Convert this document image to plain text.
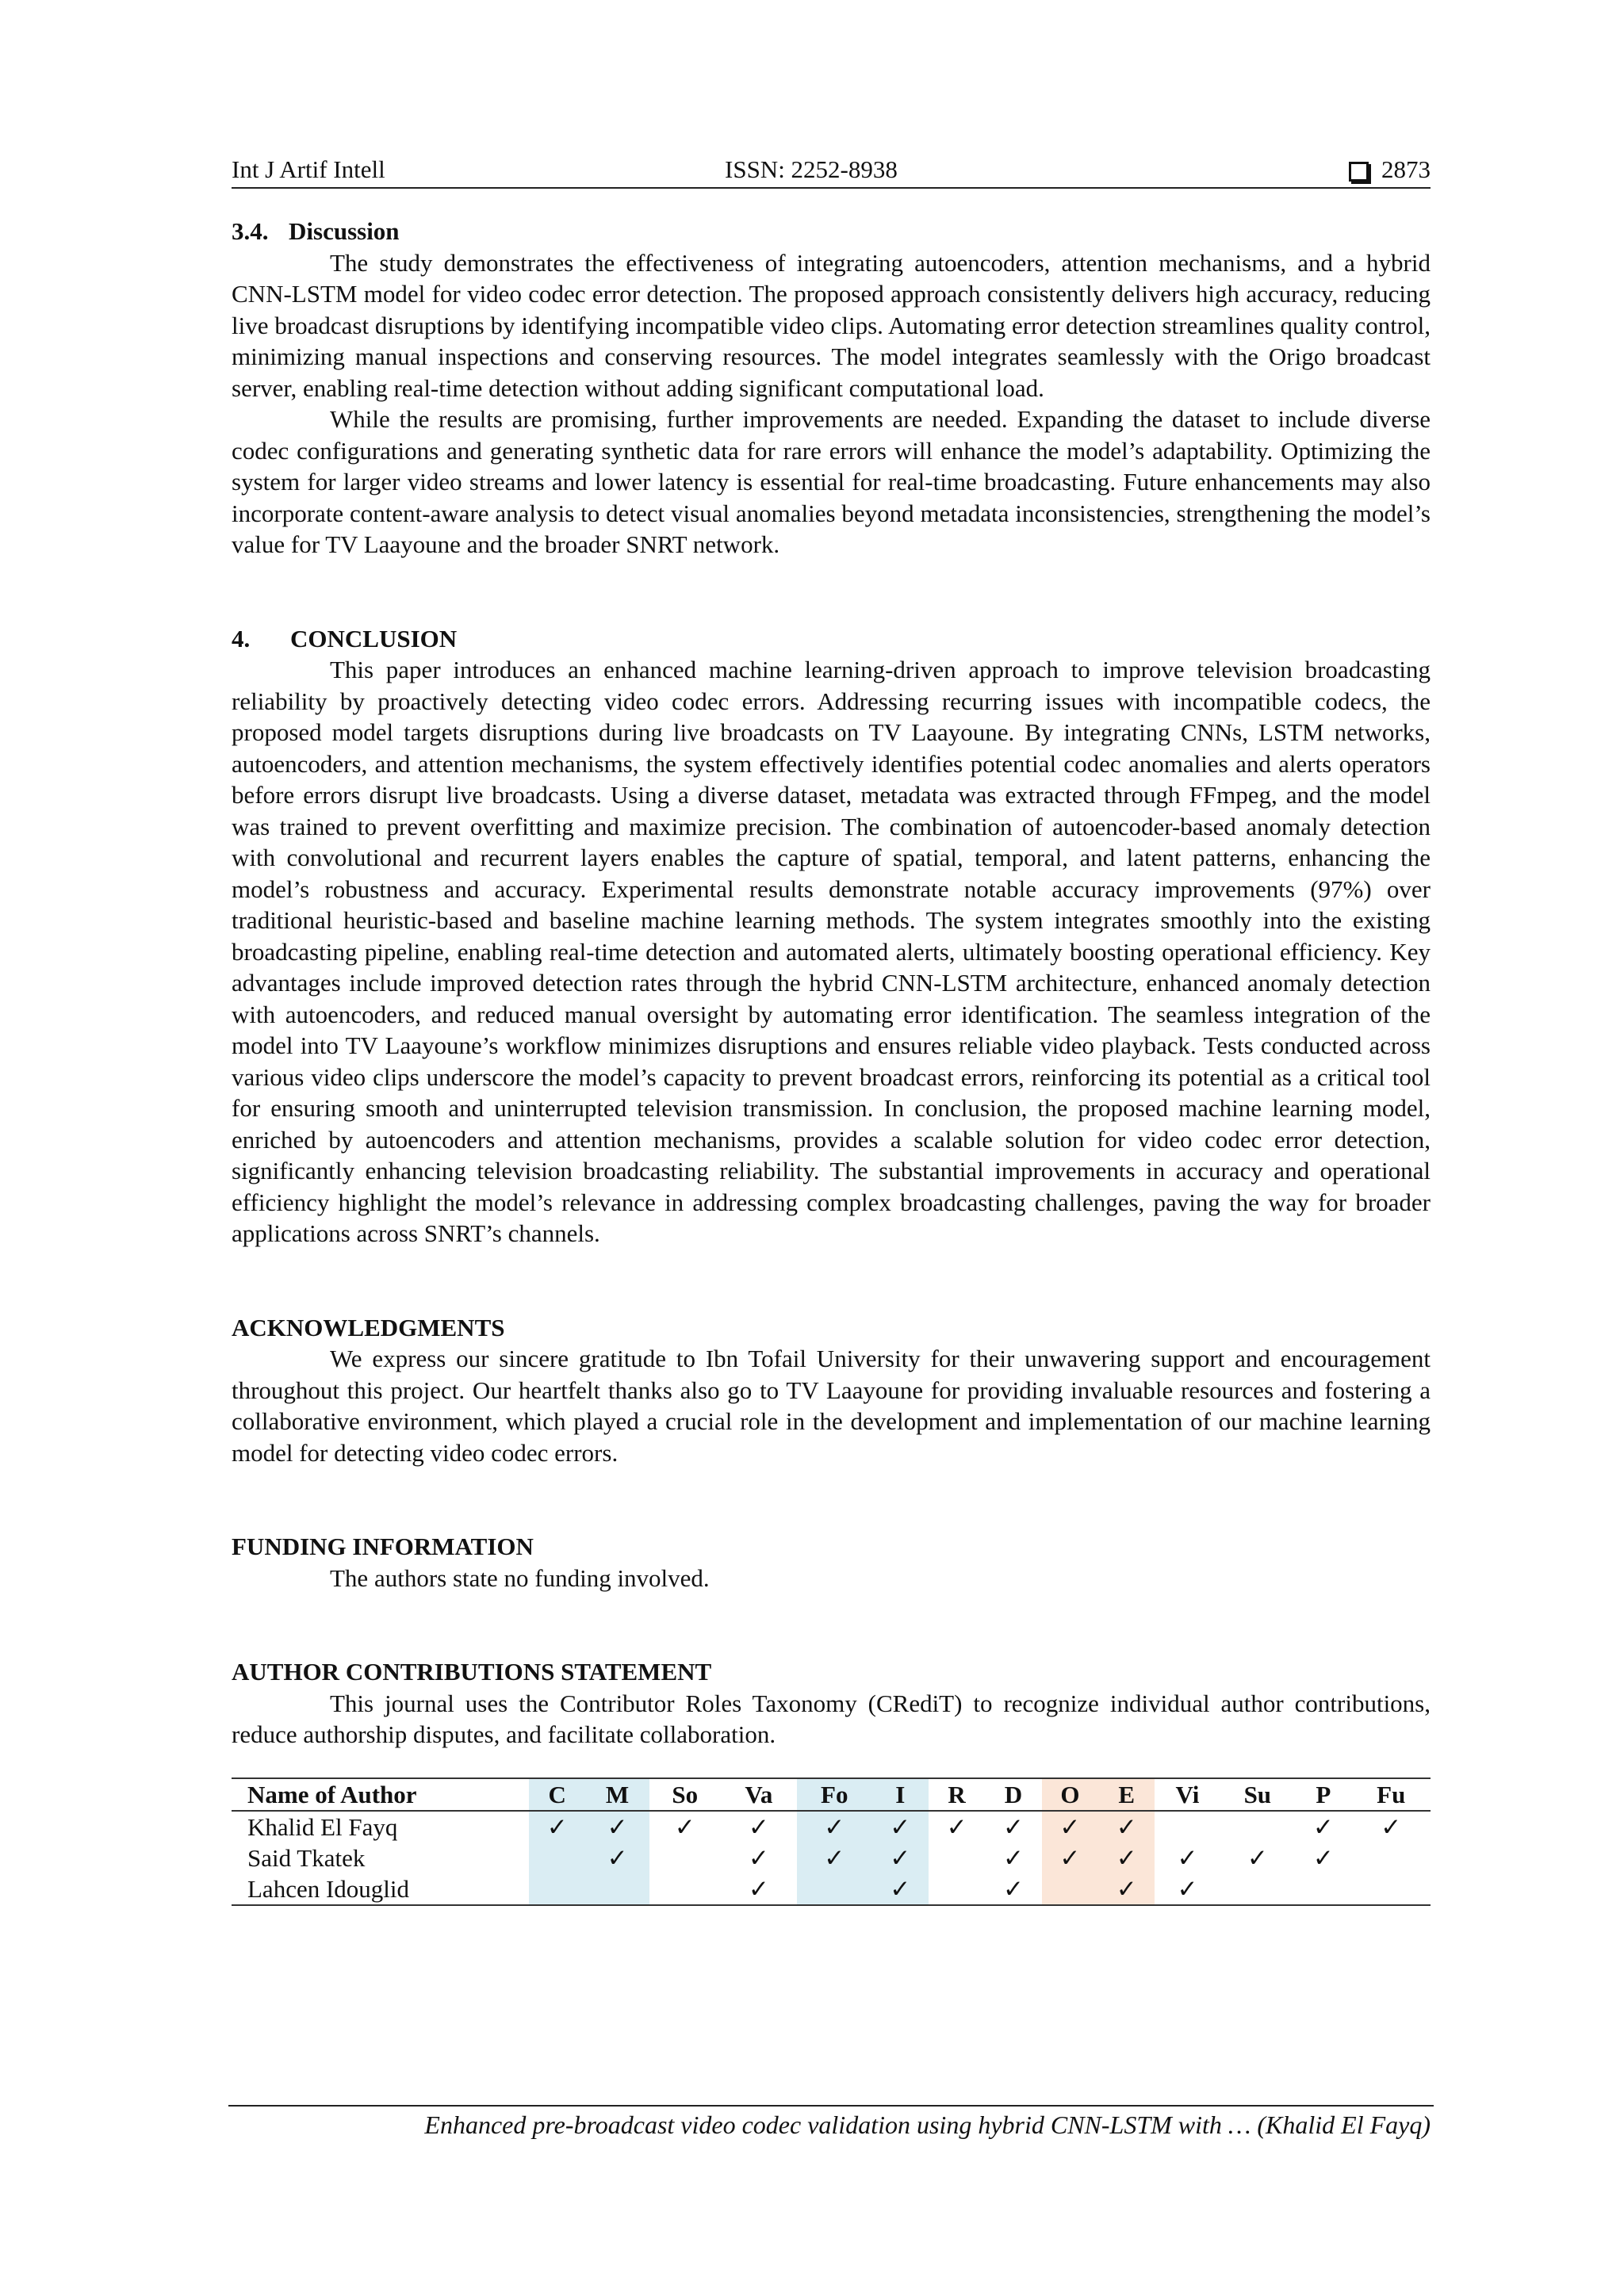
Int J Artif Intell	ISSN: 2252-8938	2873
3.4. Discussion

The study demonstrates the effectiveness of integrating autoencoders, attention mechanisms, and a hybrid CNN-LSTM model for video codec error detection. The proposed approach consistently delivers high accuracy, reducing live broadcast disruptions by identifying incompatible video clips. Automating error detection streamlines quality control, minimizing manual inspections and conserving resources. The model integrates seamlessly with the Origo broadcast server, enabling real-time detection without adding significant computational load.

While the results are promising, further improvements are needed. Expanding the dataset to include diverse codec configurations and generating synthetic data for rare errors will enhance the model’s adaptability. Optimizing the system for larger video streams and lower latency is essential for real-time broadcasting. Future enhancements may also incorporate content-aware analysis to detect visual anomalies beyond metadata inconsistencies, strengthening the model’s value for TV Laayoune and the broader SNRT network.

4. CONCLUSION

This paper introduces an enhanced machine learning-driven approach to improve television broadcasting reliability by proactively detecting video codec errors. Addressing recurring issues with incompatible codecs, the proposed model targets disruptions during live broadcasts on TV Laayoune. By integrating CNNs, LSTM networks, autoencoders, and attention mechanisms, the system effectively identifies potential codec anomalies and alerts operators before errors disrupt live broadcasts. Using a diverse dataset, metadata was extracted through FFmpeg, and the model was trained to prevent overfitting and maximize precision. The combination of autoencoder-based anomaly detection with convolutional and recurrent layers enables the capture of spatial, temporal, and latent patterns, enhancing the model’s robustness and accuracy. Experimental results demonstrate notable accuracy improvements (97%) over traditional heuristic-based and baseline machine learning methods. The system integrates smoothly into the existing broadcasting pipeline, enabling real-time detection and automated alerts, ultimately boosting operational efficiency. Key advantages include improved detection rates through the hybrid CNN-LSTM architecture, enhanced anomaly detection with autoencoders, and reduced manual oversight by automating error identification. The seamless integration of the model into TV Laayoune’s workflow minimizes disruptions and ensures reliable video playback. Tests conducted across various video clips underscore the model’s capacity to prevent broadcast errors, reinforcing its potential as a critical tool for ensuring smooth and uninterrupted television transmission. In conclusion, the proposed machine learning model, enriched by autoencoders and attention mechanisms, provides a scalable solution for video codec error detection, significantly enhancing television broadcasting reliability. The substantial improvements in accuracy and operational efficiency highlight the model’s relevance in addressing complex broadcasting challenges, paving the way for broader applications across SNRT’s channels.

ACKNOWLEDGMENTS

We express our sincere gratitude to Ibn Tofail University for their unwavering support and encouragement throughout this project. Our heartfelt thanks also go to TV Laayoune for providing invaluable resources and fostering a collaborative environment, which played a crucial role in the development and implementation of our machine learning model for detecting video codec errors.

FUNDING INFORMATION

The authors state no funding involved.

AUTHOR CONTRIBUTIONS STATEMENT

This journal uses the Contributor Roles Taxonomy (CRediT) to recognize individual author contributions, reduce authorship disputes, and facilitate collaboration.

Name of Author	C	M	So	Va	Fo	I	R	D	O	E	Vi	Su	P	Fu
Khalid El Fayq	✓	✓	✓	✓	✓	✓	✓	✓	✓	✓			✓	✓
Said Tkatek		✓		✓	✓	✓		✓	✓	✓	✓	✓	✓	
Lahcen Idouglid				✓		✓		✓		✓	✓			
Enhanced pre-broadcast video codec validation using hybrid CNN-LSTM with … (Khalid El Fayq)
